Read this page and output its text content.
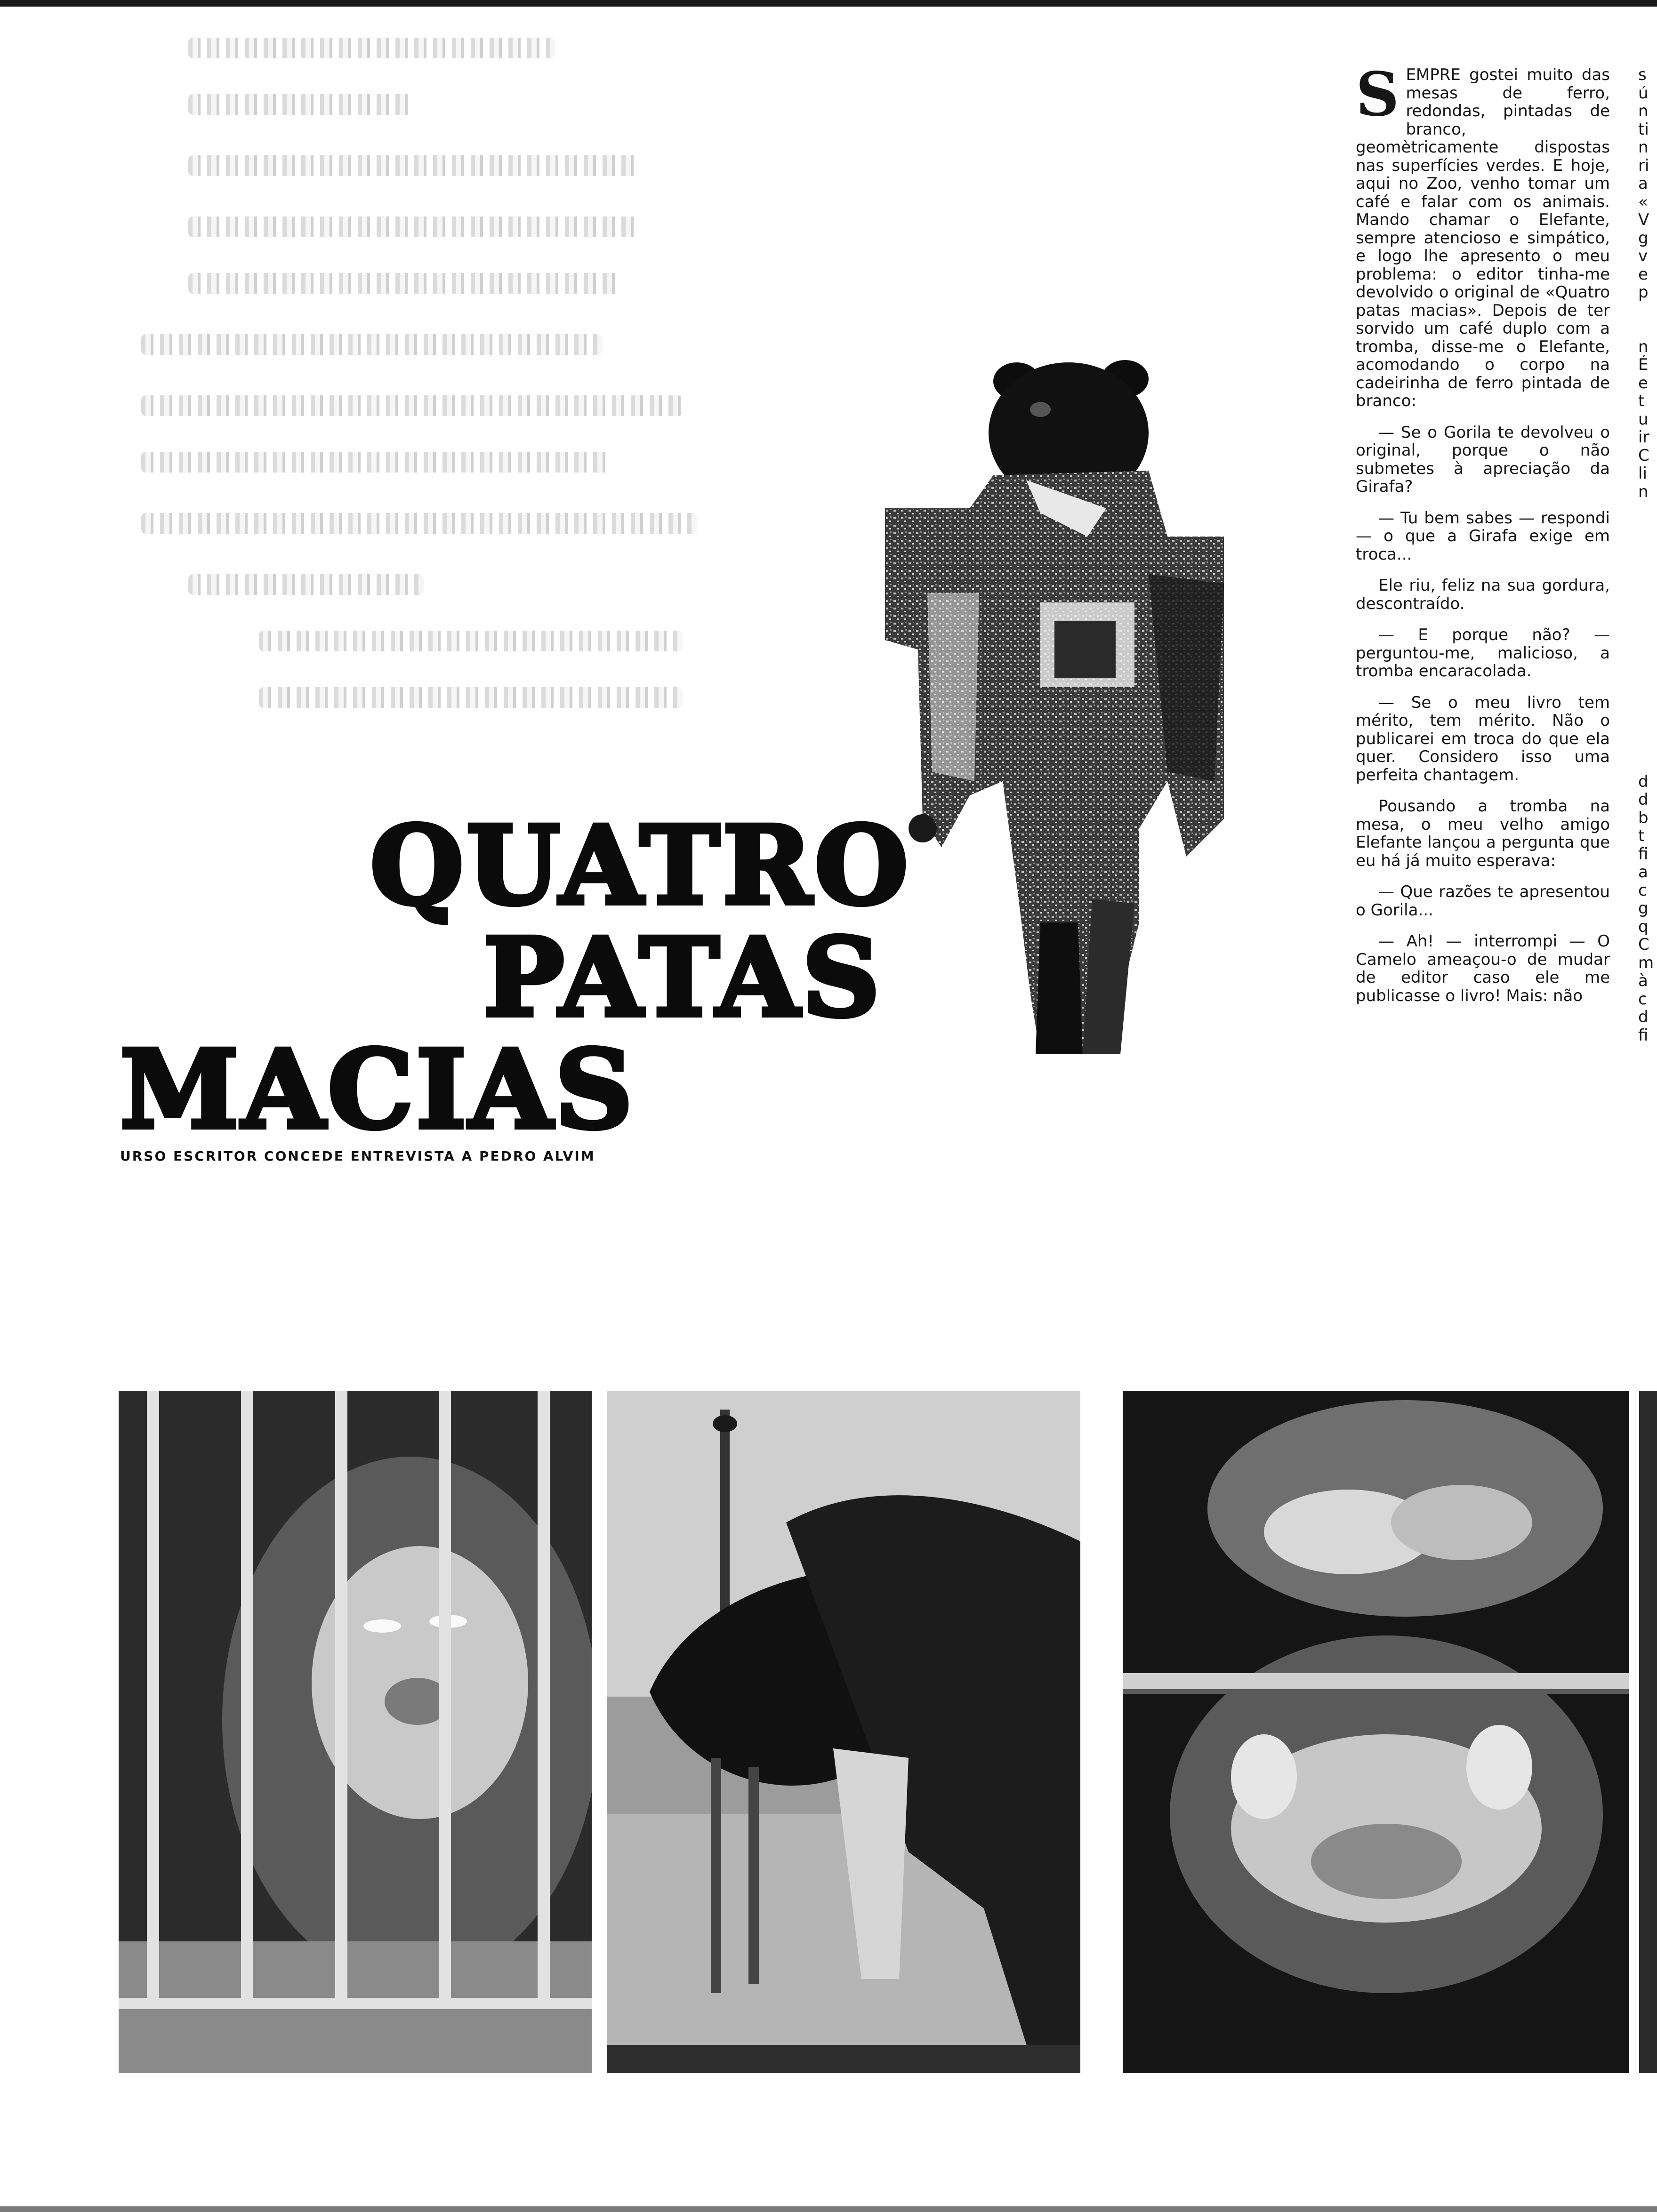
QUATRO
PATAS
MACIAS
URSO ESCRITOR CONCEDE ENTREVISTA A PEDRO ALVIM

S EMPRE gostei muito das mesas de ferro, redondas, pintadas de branco, geomètricamente dispostas nas superfícies verdes. E hoje, aqui no Zoo, venho tomar um café e falar com os animais. Mando chamar o Elefante, sempre atencioso e simpático, e logo lhe apresento o meu problema: o editor tinha-me devolvido o original de «Quatro patas macias». Depois de ter sorvido um café duplo com a tromba, disse-me o Elefante, acomodando o corpo na cadeirinha de ferro pintada de branco:

— Se o Gorila te devolveu o original, porque o não submetes à apreciação da Girafa?

— Tu bem sabes — respondi — o que a Girafa exige em troca...

Ele riu, feliz na sua gordura, descontraído.

— E porque não? — perguntou-me, malicioso, a tromba encaracolada.

— Se o meu livro tem mérito, tem mérito. Não o publicarei em troca do que ela quer. Considero isso uma perfeita chantagem.

Pousando a tromba na mesa, o meu velho amigo Elefante lançou a pergunta que eu há já muito esperava:

— Que razões te apresentou o Gorila...

— Ah! — interrompi — O Camelo ameaçou-o de mudar de editor caso ele me publicasse o livro! Mais: não

s
ú
n
ti
n
ri
a
«
V
g
v
e
p

n
É
e
t
u
ir
C
li
n

d
d
b
t
fi
a
c
g
q
C
m
à
c
d
fi
